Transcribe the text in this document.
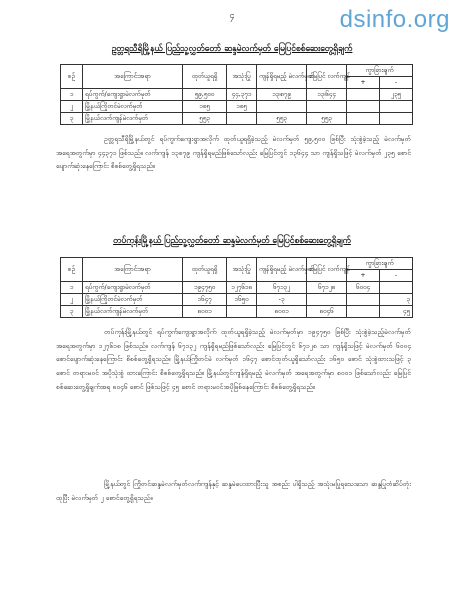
dsinfo.org
၄
ဥတ္တရသီရိမြို့နယ် ပြည်သူ့လွှတ်တော် ဆန္ဒမဲလက်မှတ် မြေပြင်စစ်ဆေးတွေ့ရှိချက်
စဉ်	အကြောင်းအရာ	ထုတ်ယူရရှိ	အသုံးပြု	ကျန်ရှိရမည့် မဲလက်မှတ်	မြေပြင် လက်ကျန်	ကွာခြားချက်	
						+	-
၁	ရပ်ကွက်/ကျေးရွာမဲလက်မှတ်	၅၉,၅၀၀	၄၄,၃၇၁	၁၃၊၈၇၉	၁၃၊၆၄၄		၂၃၅
၂	မြို့နယ်ကြိုတင်မဲလက်မှတ်	၁၈၅	၁၈၅				
၃	မြို့နယ်လက်ကျန်မဲလက်မှတ်	၅၅၃		၅၅၃	၅၅၃		

ဥတ္တရသီရိမြို့နယ်တွင် ရပ်ကွက်ကျေးရွာအလိုက် ထုတ်ယူရရှိခဲ့သည့် မဲလက်မှတ် ၅၉,၅၀၀ ဖြစ်ပြီး သုံးစွဲခဲ့သည့် မဲလက်မှတ်အရေအတွက်မှာ ၄၄၃၇၁ ဖြစ်သည်။ လက်ကျန် ၁၃၈၇၉ ကျန်ရှိရမည်ဖြစ်သော်လည်း မြေပြင်တွင် ၁၃၆၄၄ သာ ကျန်ရှိသဖြင့် မဲလက်မှတ် ၂၃၅ စောင် ပျောက်ဆုံးနေကြောင်း စိစစ်တွေ့ရှိရသည်။

တပ်ကုန်းမြို့နယ် ပြည်သူ့လွှတ်တော် ဆန္ဒမဲလက်မှတ် မြေပြင်စစ်ဆေးတွေ့ရှိချက်
စဉ်	အကြောင်းအရာ	ထုတ်ယူရရှိ	အသုံးပြု	ကျန်ရှိရမည့် မဲလက်မှတ်	မြေပြင် လက်ကျန်	ကွာခြားချက်	
						+	-
၁	ရပ်ကွက်/ကျေးရွာမဲလက်မှတ်	၁၉၄၇၅၀	၁၂၇၆၁၈	၆၇၁၃၂	၆၇၁၂၈	၆၀၀၄	
၂	မြို့နယ်ကြိုတင်မဲလက်မှတ်	၁၆၄၇	၁၆၅၀	-၃			၃
၃	မြို့နယ်လက်ကျန်မဲလက်မှတ်	၈၀၀၁		၈၀၀၁	၈၀၄၆		၄၅

တပ်ကုန်းမြို့နယ်တွင် ရပ်ကွက်ကျေးရွာအလိုက် ထုတ်ယူရရှိခဲ့သည့် မဲလက်မှတ်မှာ ၁၉၄၇၅၀ ဖြစ်ပြီး သုံးစွဲခဲ့သည့်မဲလက်မှတ်အရေအတွက်မှာ ၁၂၇၆၁၈ ဖြစ်သည်။ လက်ကျန် ၆၇၁၃၂ ကျန်ရှိရမည်ဖြစ်သော်လည်း မြေပြင်တွင် ၆၇၁၂၈ သာ ကျန်ရှိသဖြင့် မဲလက်မှတ် ၆၀၀၄ စောင်ပျောက်ဆုံးနေကြောင်း စိစစ်တွေ့ရှိရသည်။ မြို့နယ်ကြိုတင်မဲ လက်မှတ် ၁၆၄၇ စောင်ထုတ်ယူရှိသော်လည်း ၁၆၅၀ စောင် သုံးစွဲထားသဖြင့် ၃ စောင် တရားမဝင် အပိုသုံးစွဲ ထားကြောင်း စိစစ်တွေ့ရှိရသည်။ မြို့နယ်တွင်ကျန်ရှိရမည့် မဲလက်မှတ် အရေအတွက်မှာ ၈၀၀၁ ဖြစ်သော်လည်း မြေပြင်စစ်ဆေးတွေ့ရှိချက်အရ ၈၀၄၆ စောင် ဖြစ်သဖြင့် ၄၅ စောင် တရားမဝင်အပိုဖြစ်နေကြောင်း စိစစ်တွေ့ရှိရသည်။

မြို့နယ်တွင် ကြိုတင်ဆန္ဒမဲလက်မှတ်လက်ကျန်နှင့် ဆန္ဒမဲပေးထားပြီးသူ အစည်း ပါရှိသည့် အသုံးမပြုရသေးသော ဆန္ဒပြုတံဆိပ်တုံးထုပြီး မဲလက်မှတ် ၂ စောင်တွေ့ရှိရသည်။
